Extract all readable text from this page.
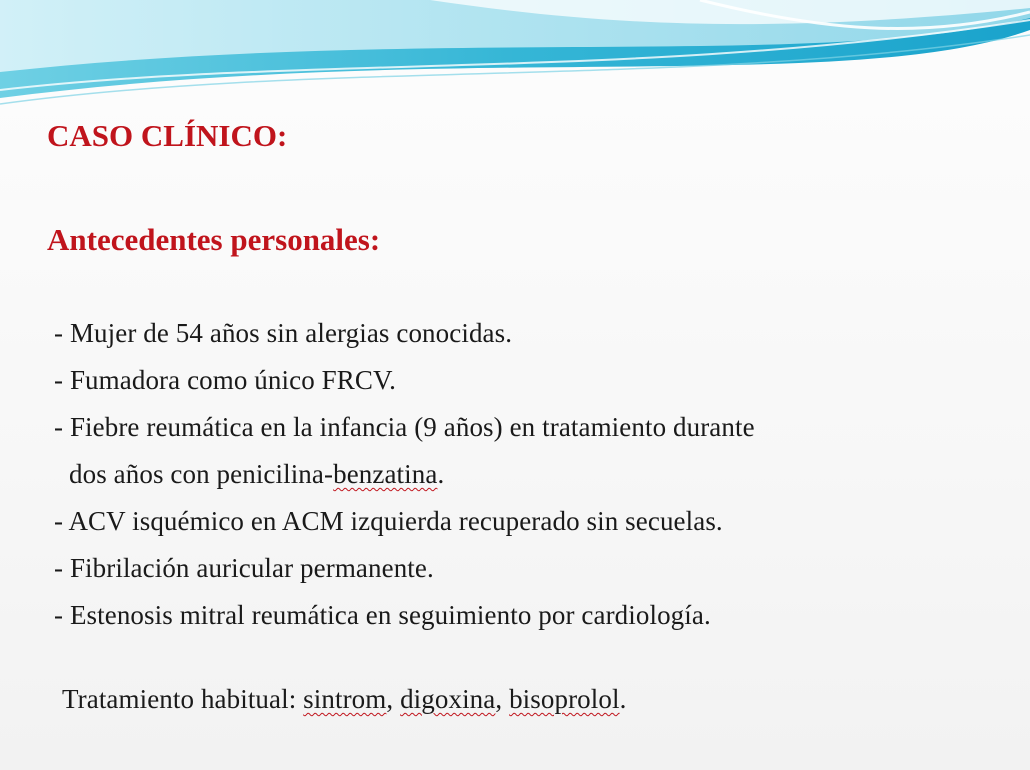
CASO CLÍNICO:
Antecedentes personales:
- Mujer de 54 años sin alergias conocidas.
- Fumadora como único FRCV.
- Fiebre reumática en la infancia (9 años) en tratamiento durante
dos años con penicilina-benzatina.
- ACV isquémico en ACM izquierda recuperado sin secuelas.
- Fibrilación auricular permanente.
- Estenosis mitral reumática en seguimiento por cardiología.
Tratamiento habitual: sintrom, digoxina, bisoprolol.
